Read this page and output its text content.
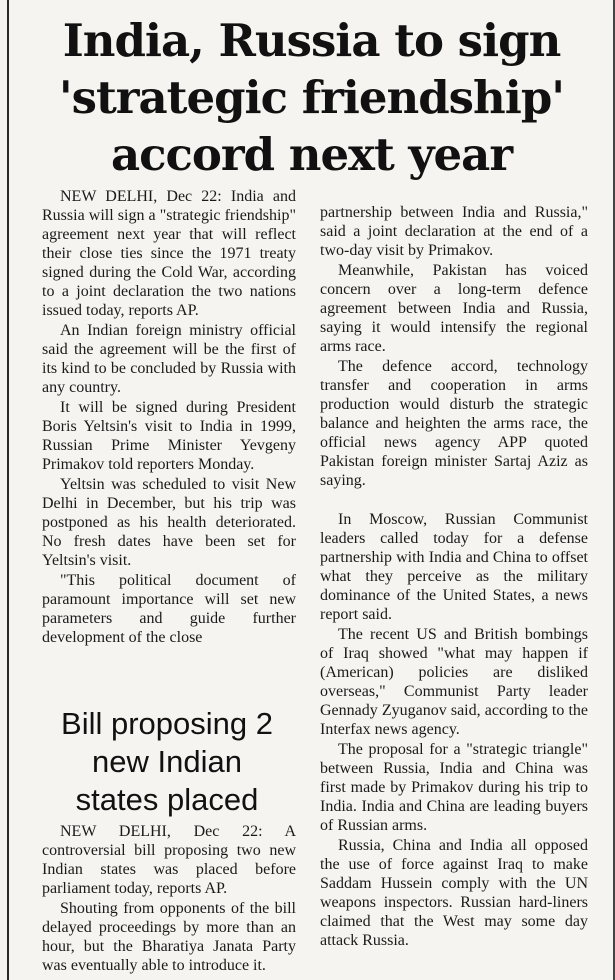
India, Russia to sign
'strategic friendship'
accord next year

NEW DELHI, Dec 22: India and Russia will sign a "strategic friendship" agreement next year that will reflect their close ties since the 1971 treaty signed during the Cold War, according to a joint declaration the two nations issued today, reports AP.

An Indian foreign ministry official said the agreement will be the first of its kind to be concluded by Russia with any country.

It will be signed during President Boris Yeltsin's visit to India in 1999, Russian Prime Minister Yevgeny Primakov told reporters Monday.

Yeltsin was scheduled to visit New Delhi in December, but his trip was postponed as his health deteriorated. No fresh dates have been set for Yeltsin's visit.

"This political document of paramount importance will set new parameters and guide further development of the close

partnership between India and Russia," said a joint declaration at the end of a two-day visit by Primakov.

Meanwhile, Pakistan has voiced concern over a long-term defence agreement between India and Russia, saying it would intensify the regional arms race.

The defence accord, technology transfer and cooperation in arms production would disturb the strategic balance and heighten the arms race, the official news agency APP quoted Pakistan foreign minister Sartaj Aziz as saying.

In Moscow, Russian Communist leaders called today for a defense partnership with India and China to offset what they perceive as the military dominance of the United States, a news report said.

The recent US and British bombings of Iraq showed "what may happen if (American) policies are disliked overseas," Communist Party leader Gennady Zyuganov said, according to the Interfax news agency.

The proposal for a "strategic triangle" between Russia, India and China was first made by Primakov during his trip to India. India and China are leading buyers of Russian arms.

Russia, China and India all opposed the use of force against Iraq to make Saddam Hussein comply with the UN weapons inspectors. Russian hard-liners claimed that the West may some day attack Russia.

Bill proposing 2
new Indian
states placed

NEW DELHI, Dec 22: A controversial bill proposing two new Indian states was placed before parliament today, reports AP.

Shouting from opponents of the bill delayed proceedings by more than an hour, but the Bharatiya Janata Party was eventually able to introduce it.
